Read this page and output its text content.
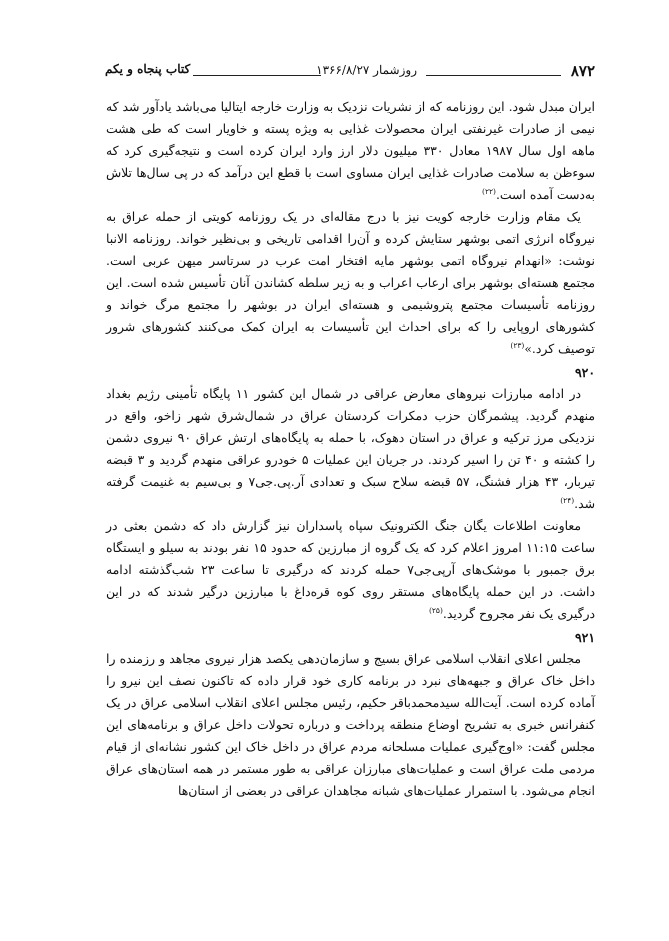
۸۷۲
روزشمار ۱۳۶۶/۸/۲۷
کتاب پنجاه و یکم

ایران مبدل شود. این روزنامه که از نشریات نزدیک به وزارت خارجه ایتالیا می‌باشد یادآور شد که نیمی از صادرات غیرنفتی ایران محصولات غذایی به ویژه پسته و خاویار است که طی هشت ماهه اول سال ۱۹۸۷ معادل ۳۳۰ میلیون دلار ارز وارد ایران کرده است و نتیجه‌گیری کرد که سوءظن به سلامت صادرات غذایی ایران مساوی است با قطع این درآمد که در پی سال‌ها تلاش به‌دست آمده است.$^{(۲۲)}$

یک مقام وزارت خارجه کویت نیز با درج مقاله‌ای در یک روزنامه کویتی از حمله عراق به نیروگاه انرژی اتمی بوشهر ستایش کرده و آن‌را اقدامی تاریخی و بی‌نظیر خواند. روزنامه الانبا نوشت: «انهدام نیروگاه اتمی بوشهر مایه افتخار امت عرب در سرتاسر میهن عربی است. مجتمع هسته‌ای بوشهر برای ارعاب اعراب و به زیر سلطه کشاندن آنان تأسیس شده است. این روزنامه تأسیسات مجتمع پتروشیمی و هسته‌ای ایران در بوشهر را مجتمع مرگ خواند و کشورهای اروپایی را که برای احداث این تأسیسات به ایران کمک می‌کنند کشورهای شرور توصیف کرد.»$^{(۲۳)}$

۹۲۰

در ادامه مبارزات نیروهای معارض عراقی در شمال این کشور ۱۱ پایگاه تأمینی رژیم بغداد منهدم گردید. پیشمرگان حزب دمکرات کردستان عراق در شمال‌شرق شهر زاخو، واقع در نزدیکی مرز ترکیه و عراق در استان دهوک، با حمله به پایگاه‌های ارتش عراق ۹۰ نیروی دشمن را کشته و ۴۰ تن را اسیر کردند. در جریان این عملیات ۵ خودرو عراقی منهدم گردید و ۳ قبضه تیربار، ۴۳ هزار فشنگ، ۵۷ قبضه سلاح سبک و تعدادی آر.پی.جی۷ و بی‌سیم به غنیمت گرفته شد.$^{(۲۴)}$

معاونت اطلاعات یگان جنگ الکترونیک سپاه پاسداران نیز گزارش داد که دشمن بعثی در ساعت ۱۱:۱۵ امروز اعلام کرد که یک گروه از مبارزین که حدود ۱۵ نفر بودند به سیلو و ایستگاه برق جمبور با موشک‌های آرپی‌جی۷ حمله کردند که درگیری تا ساعت ۲۳ شب‌گذشته ادامه داشت. در این حمله پایگاه‌های مستقر روی کوه قره‌داغ با مبارزین درگیر شدند که در این درگیری یک نفر مجروح گردید.$^{(۲۵)}$

۹۲۱

مجلس اعلای انقلاب اسلامی عراق بسیج و سازمان‌دهی یکصد هزار نیروی مجاهد و رزمنده را داخل خاک عراق و جبهه‌های نبرد در برنامه کاری خود قرار داده که تاکنون نصف این نیرو را آماده کرده است. آیت‌الله سیدمحمدباقر حکیم، رئیس مجلس اعلای انقلاب اسلامی عراق در یک کنفرانس خبری به تشریح اوضاع منطقه پرداخت و درباره تحولات داخل عراق و برنامه‌های این مجلس گفت: «اوج‌گیری عملیات مسلحانه مردم عراق در داخل خاک این کشور نشانه‌ای از قیام مردمی ملت عراق است و عملیات‌های مبارزان عراقی به طور مستمر در همه استان‌های عراق انجام می‌شود. با استمرار عملیات‌های شبانه مجاهدان عراقی در بعضی از استان‌ها
